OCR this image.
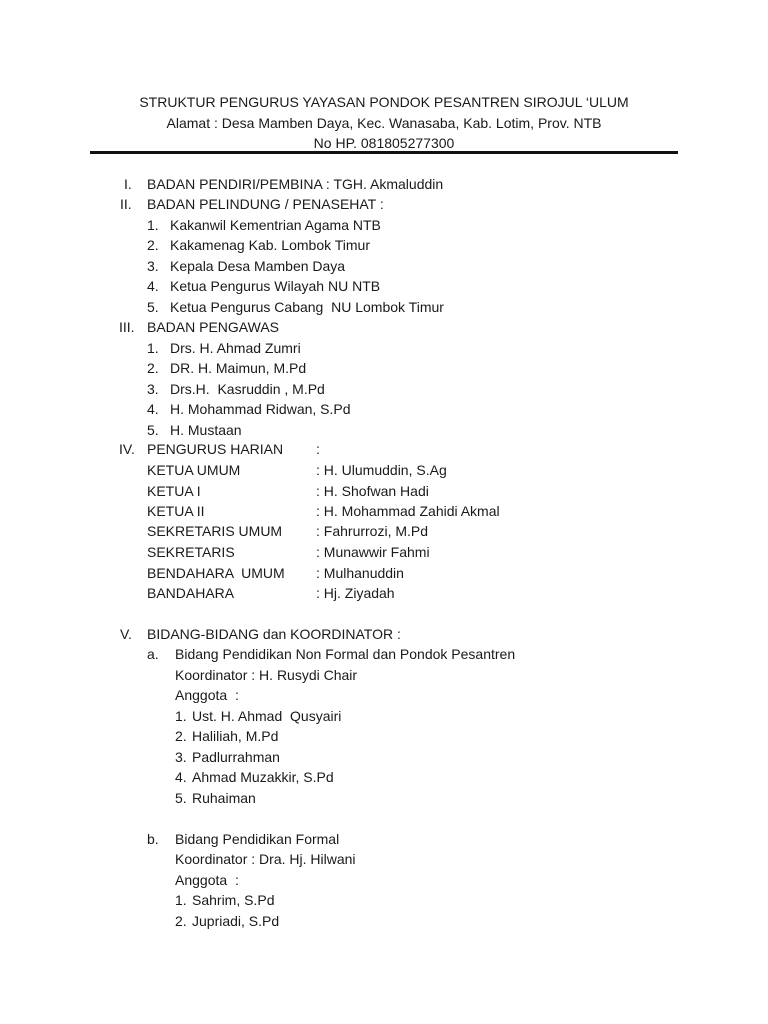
STRUKTUR PENGURUS YAYASAN PONDOK PESANTREN SIROJUL ‘ULUM
Alamat : Desa Mamben Daya, Kec. Wanasaba, Kab. Lotim, Prov. NTB
No HP. 081805277300
I. BADAN PENDIRI/PEMBINA : TGH. Akmaluddin
II. BADAN PELINDUNG / PENASEHAT :
1. Kakanwil Kementrian Agama NTB
2. Kakamenag Kab. Lombok Timur
3. Kepala Desa Mamben Daya
4. Ketua Pengurus Wilayah NU NTB
5. Ketua Pengurus Cabang  NU Lombok Timur
III. BADAN PENGAWAS
1. Drs. H. Ahmad Zumri
2. DR. H. Maimun, M.Pd
3. Drs.H.  Kasruddin , M.Pd
4. H. Mohammad Ridwan, S.Pd
5. H. Mustaan
IV. PENGURUS HARIAN :
KETUA UMUM	: H. Ulumuddin, S.Ag
KETUA I	: H. Shofwan Hadi
KETUA II	: H. Mohammad Zahidi Akmal
SEKRETARIS UMUM : Fahrurrozi, M.Pd
SEKRETARIS	: Munawwir Fahmi
BENDAHARA  UMUM : Mulhanuddin
BANDAHARA	: Hj. Ziyadah
V. BIDANG-BIDANG dan KOORDINATOR :
a. Bidang Pendidikan Non Formal dan Pondok Pesantren
Koordinator : H. Rusydi Chair
Anggota  :
1. Ust. H. Ahmad  Qusyairi
2. Haliliah, M.Pd
3. Padlurrahman
4. Ahmad Muzakkir, S.Pd
5. Ruhaiman
b. Bidang Pendidikan Formal
Koordinator : Dra. Hj. Hilwani
Anggota  :
1. Sahrim, S.Pd
2. Jupriadi, S.Pd
